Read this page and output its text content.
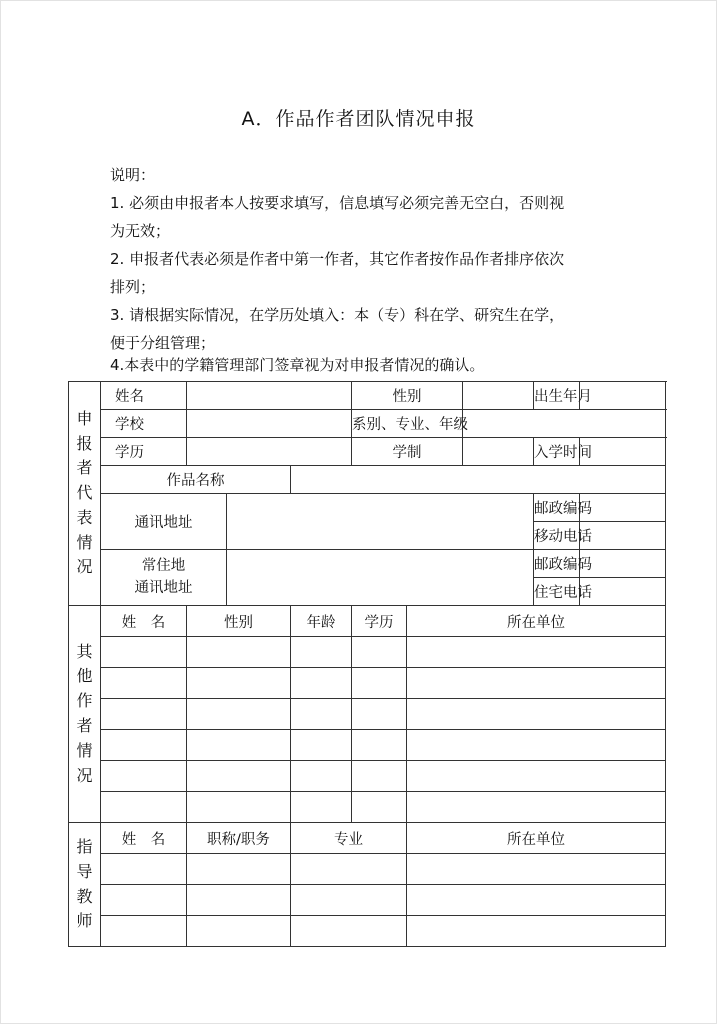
A．作品作者团队情况申报
说明：
1. 必须由申报者本人按要求填写，信息填写必须完善无空白，否则视
为无效；
2. 申报者代表必须是作者中第一作者，其它作者按作品作者排序依次
排列；
3. 请根据实际情况，在学历处填入：本（专）科在学、研究生在学，
便于分组管理；
4.本表中的学籍管理部门签章视为对申报者情况的确认。
申报者代表情况	姓名				性别			出生年月	
	学校				系别、专业、年级				
	学历				学制			入学时间	
	作品名称								
	通讯地址							邮政编码	
								移动电话	
	常住地
通讯地址							邮政编码	
								住宅电话	
其他作者情况	姓　名	性别		年龄	学历	所在单位			

指导教师	姓　名	职称/职务		专业		所在单位			
